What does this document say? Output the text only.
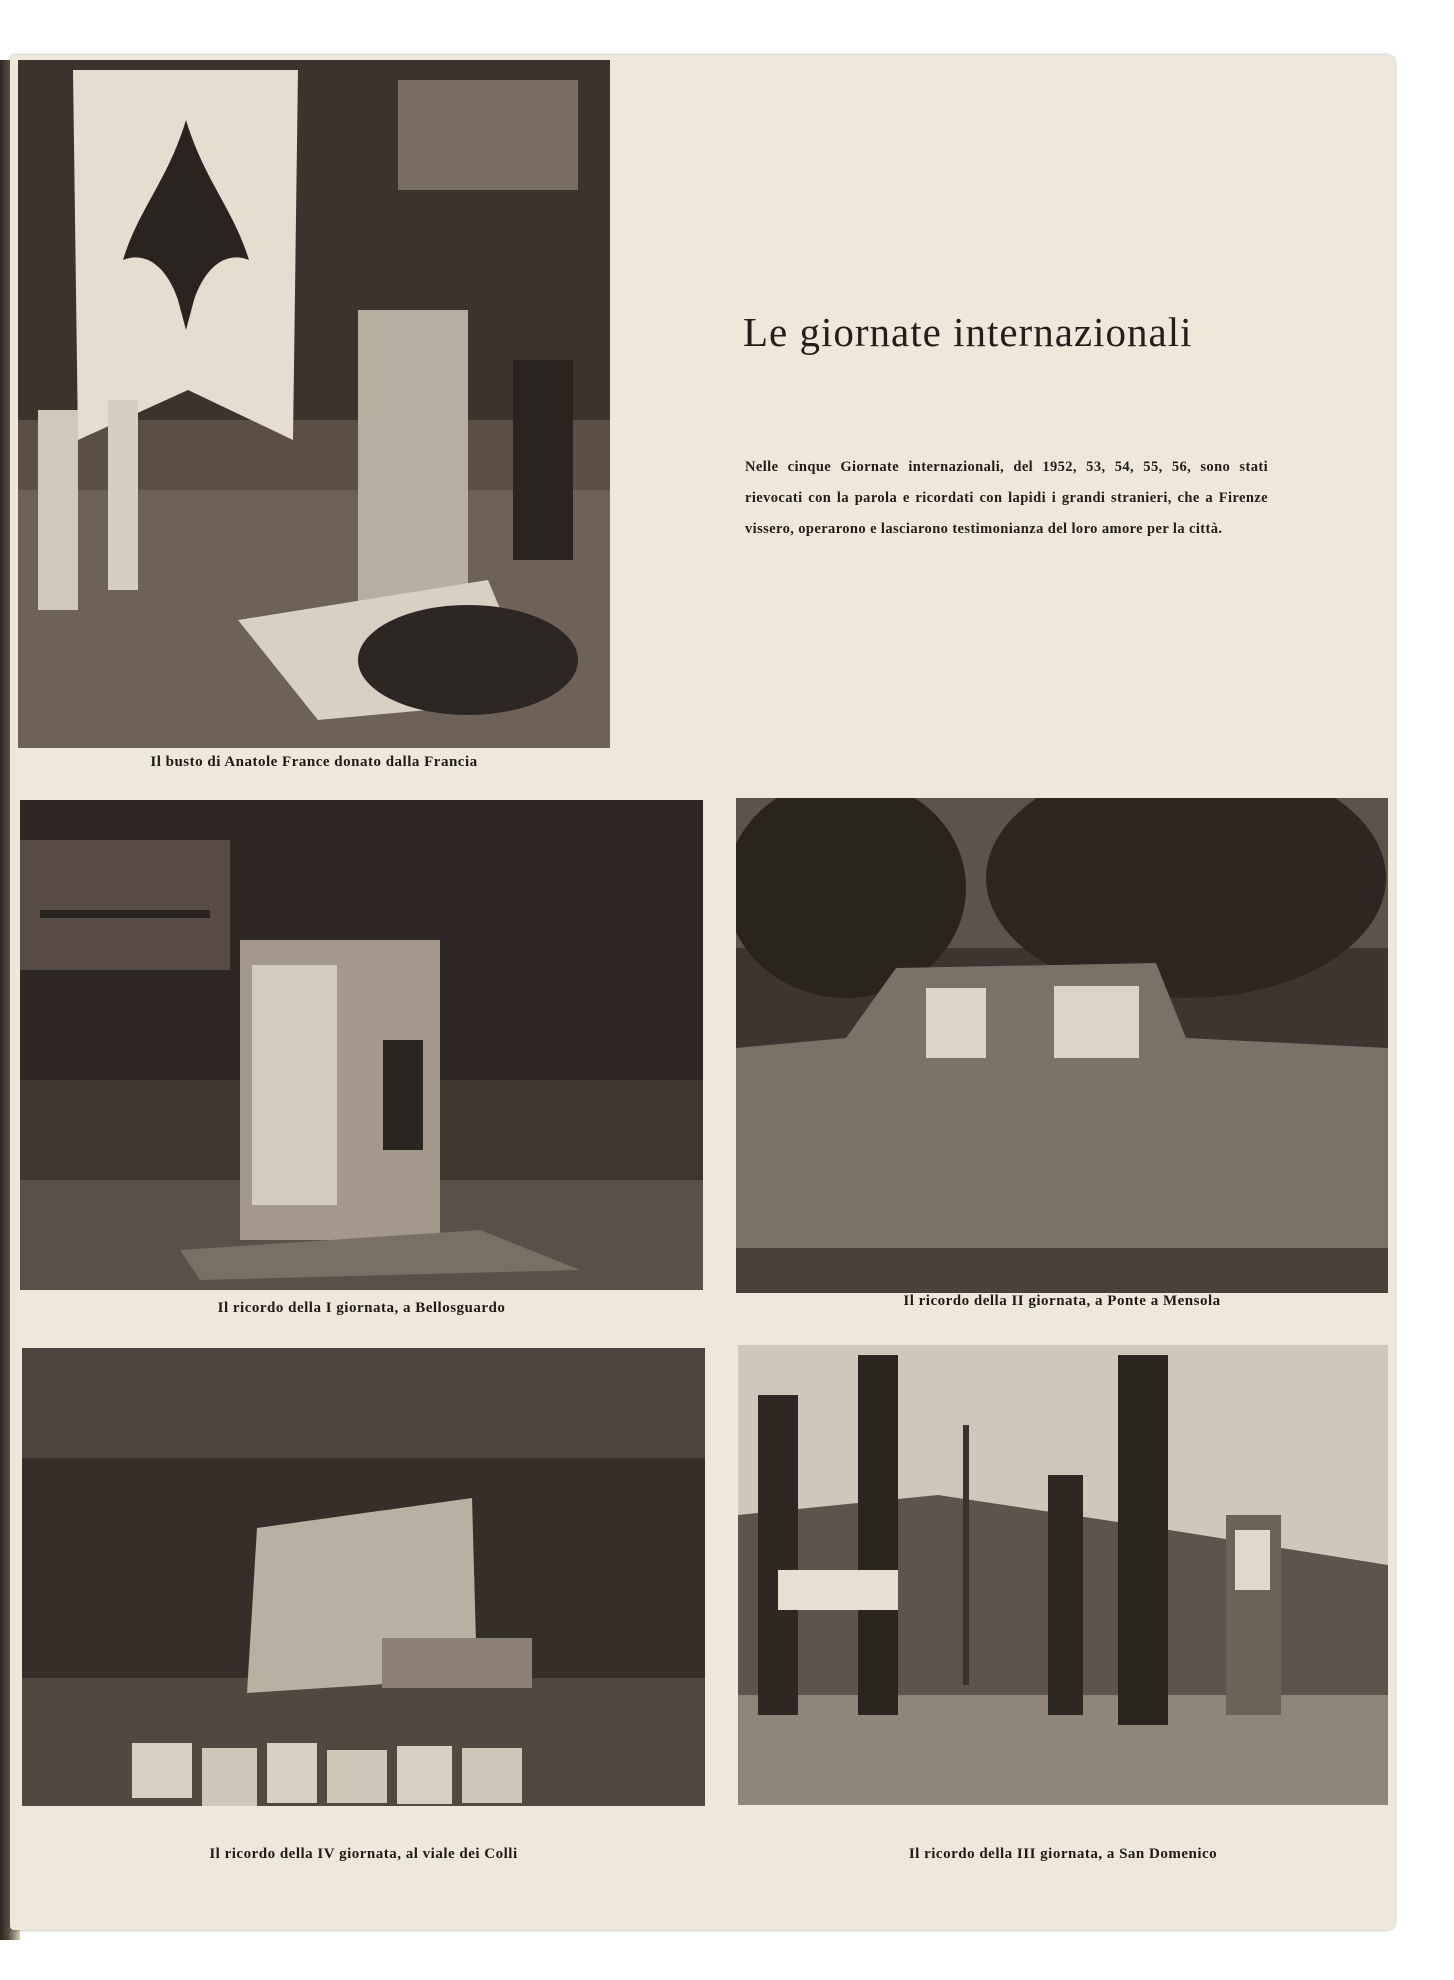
Il busto di Anatole France donato dalla Francia
Le giornate internazionali
Nelle cinque Giornate internazionali, del 1952, 53, 54, 55, 56, sono stati rievocati con la parola e ricordati con lapidi i grandi stranieri, che a Firenze vissero, operarono e lasciarono testimonianza del loro amore per la città.
Il ricordo della I giornata, a Bellosguardo	Il ricordo della II giornata, a Ponte a Mensola
Il ricordo della IV giornata, al viale dei Colli	Il ricordo della III giornata, a San Domenico
